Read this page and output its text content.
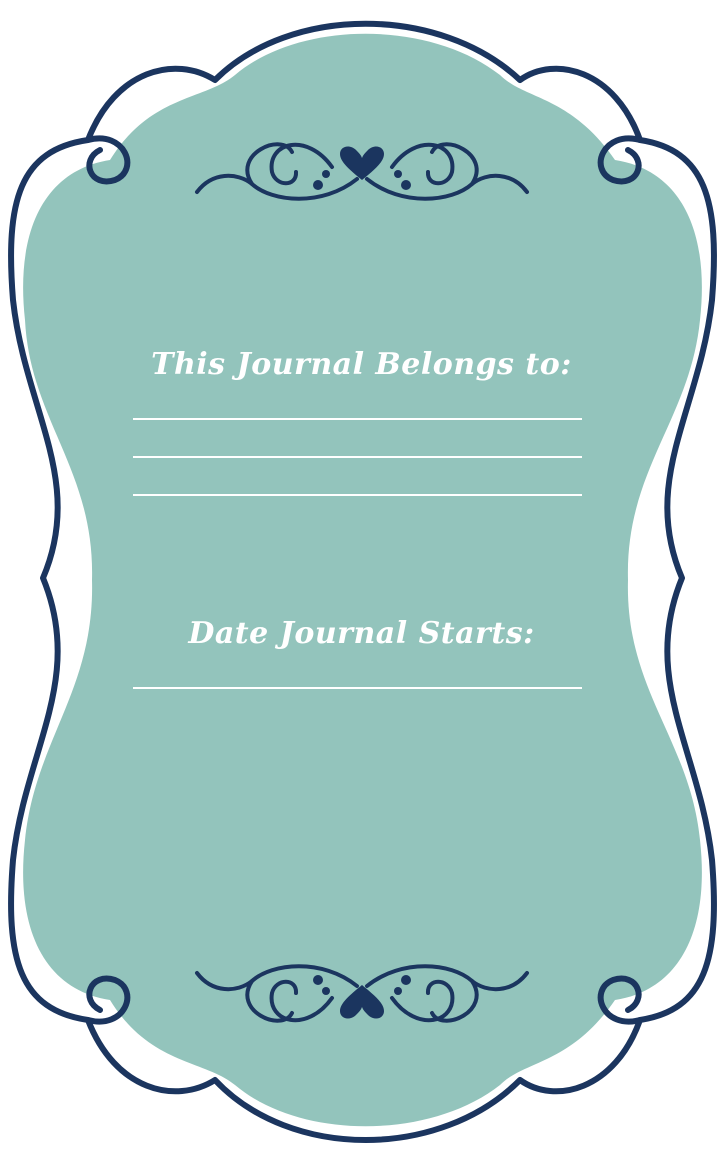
This Journal Belongs to:
Date Journal Starts:
